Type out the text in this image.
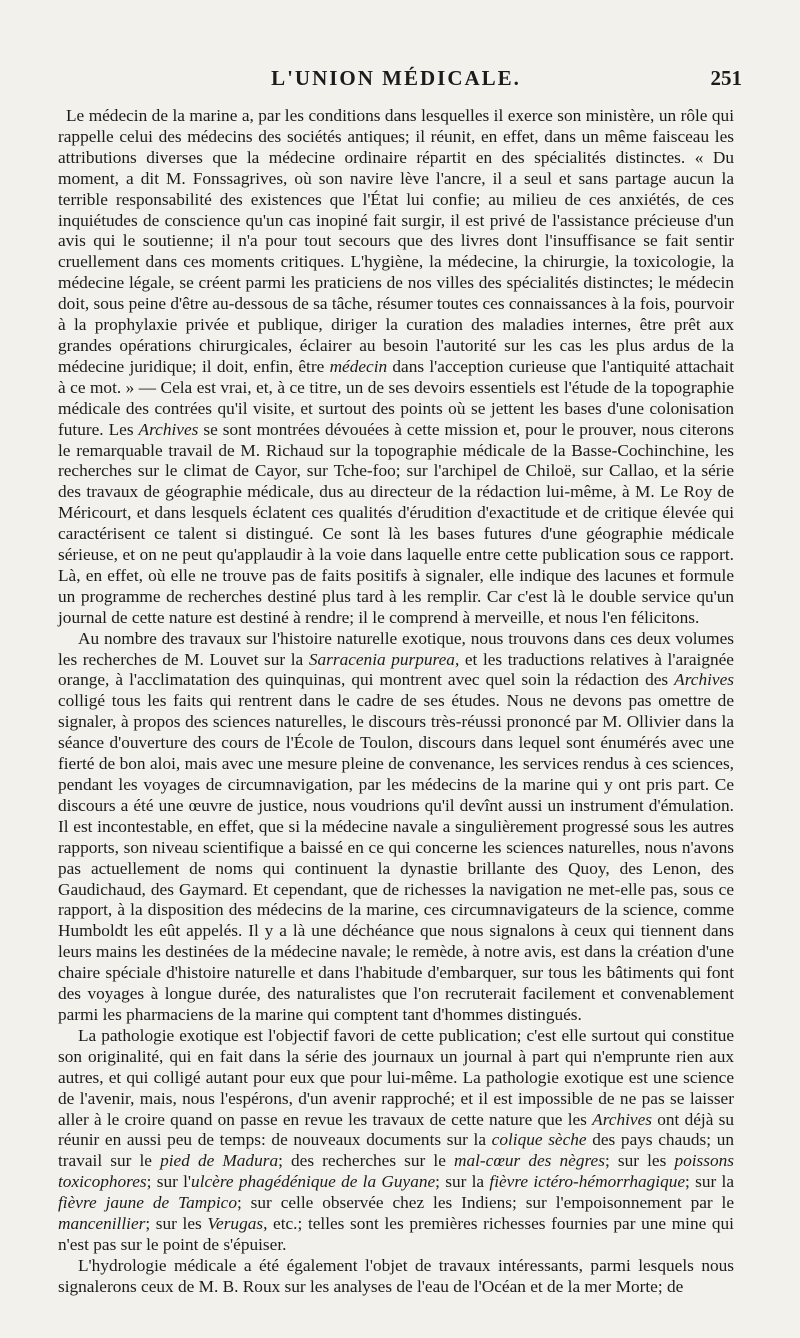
L'UNION MÉDICALE.	251

Le médecin de la marine a, par les conditions dans lesquelles il exerce son ministère, un rôle qui rappelle celui des médecins des sociétés antiques; il réunit, en effet, dans un même faisceau les attributions diverses que la médecine ordinaire répartit en des spécialités distinctes. « Du moment, a dit M. Fonssagrives, où son navire lève l'ancre, il a seul et sans partage aucun la terrible responsabilité des existences que l'État lui confie; au milieu de ces anxiétés, de ces inquiétudes de conscience qu'un cas inopiné fait surgir, il est privé de l'assistance précieuse d'un avis qui le soutienne; il n'a pour tout secours que des livres dont l'insuffisance se fait sentir cruellement dans ces moments critiques. L'hygiène, la médecine, la chirurgie, la toxicologie, la médecine légale, se créent parmi les praticiens de nos villes des spécialités distinctes; le médecin doit, sous peine d'être au-dessous de sa tâche, résumer toutes ces connaissances à la fois, pourvoir à la prophylaxie privée et publique, diriger la curation des maladies internes, être prêt aux grandes opérations chirurgicales, éclairer au besoin l'autorité sur les cas les plus ardus de la médecine juridique; il doit, enfin, être médecin dans l'acception curieuse que l'antiquité attachait à ce mot. » — Cela est vrai, et, à ce titre, un de ses devoirs essentiels est l'étude de la topographie médicale des contrées qu'il visite, et surtout des points où se jettent les bases d'une colonisation future. Les Archives se sont montrées dévouées à cette mission et, pour le prouver, nous citerons le remarquable travail de M. Richaud sur la topographie médicale de la Basse-Cochinchine, les recherches sur le climat de Cayor, sur Tche-foo; sur l'archipel de Chiloë, sur Callao, et la série des travaux de géographie médicale, dus au directeur de la rédaction lui-même, à M. Le Roy de Méricourt, et dans lesquels éclatent ces qualités d'érudition d'exactitude et de critique élevée qui caractérisent ce talent si distingué. Ce sont là les bases futures d'une géographie médicale sérieuse, et on ne peut qu'applaudir à la voie dans laquelle entre cette publication sous ce rapport. Là, en effet, où elle ne trouve pas de faits positifs à signaler, elle indique des lacunes et formule un programme de recherches destiné plus tard à les remplir. Car c'est là le double service qu'un journal de cette nature est destiné à rendre; il le comprend à merveille, et nous l'en félicitons.

Au nombre des travaux sur l'histoire naturelle exotique, nous trouvons dans ces deux volumes les recherches de M. Louvet sur la Sarracenia purpurea, et les traductions relatives à l'araignée orange, à l'acclimatation des quinquinas, qui montrent avec quel soin la rédaction des Archives colligé tous les faits qui rentrent dans le cadre de ses études. Nous ne devons pas omettre de signaler, à propos des sciences naturelles, le discours très-réussi prononcé par M. Ollivier dans la séance d'ouverture des cours de l'École de Toulon, discours dans lequel sont énumérés avec une fierté de bon aloi, mais avec une mesure pleine de convenance, les services rendus à ces sciences, pendant les voyages de circumnavigation, par les médecins de la marine qui y ont pris part. Ce discours a été une œuvre de justice, nous voudrions qu'il devînt aussi un instrument d'émulation. Il est incontestable, en effet, que si la médecine navale a singulièrement progressé sous les autres rapports, son niveau scientifique a baissé en ce qui concerne les sciences naturelles, nous n'avons pas actuellement de noms qui continuent la dynastie brillante des Quoy, des Lenon, des Gaudichaud, des Gaymard. Et cependant, que de richesses la navigation ne met-elle pas, sous ce rapport, à la disposition des médecins de la marine, ces circumnavigateurs de la science, comme Humboldt les eût appelés. Il y a là une déchéance que nous signalons à ceux qui tiennent dans leurs mains les destinées de la médecine navale; le remède, à notre avis, est dans la création d'une chaire spéciale d'histoire naturelle et dans l'habitude d'embarquer, sur tous les bâtiments qui font des voyages à longue durée, des naturalistes que l'on recruterait facilement et convenablement parmi les pharmaciens de la marine qui comptent tant d'hommes distingués.

La pathologie exotique est l'objectif favori de cette publication; c'est elle surtout qui constitue son originalité, qui en fait dans la série des journaux un journal à part qui n'emprunte rien aux autres, et qui colligé autant pour eux que pour lui-même. La pathologie exotique est une science de l'avenir, mais, nous l'espérons, d'un avenir rapproché; et il est impossible de ne pas se laisser aller à le croire quand on passe en revue les travaux de cette nature que les Archives ont déjà su réunir en aussi peu de temps: de nouveaux documents sur la colique sèche des pays chauds; un travail sur le pied de Madura; des recherches sur le mal-cœur des nègres; sur les poissons toxicophores; sur l'ulcère phagédénique de la Guyane; sur la fièvre ictéro-hémorrhagique; sur la fièvre jaune de Tampico; sur celle observée chez les Indiens; sur l'empoisonnement par le mancenillier; sur les Verugas, etc.; telles sont les premières richesses fournies par une mine qui n'est pas sur le point de s'épuiser.

L'hydrologie médicale a été également l'objet de travaux intéressants, parmi lesquels nous signalerons ceux de M. B. Roux sur les analyses de l'eau de l'Océan et de la mer Morte; de
